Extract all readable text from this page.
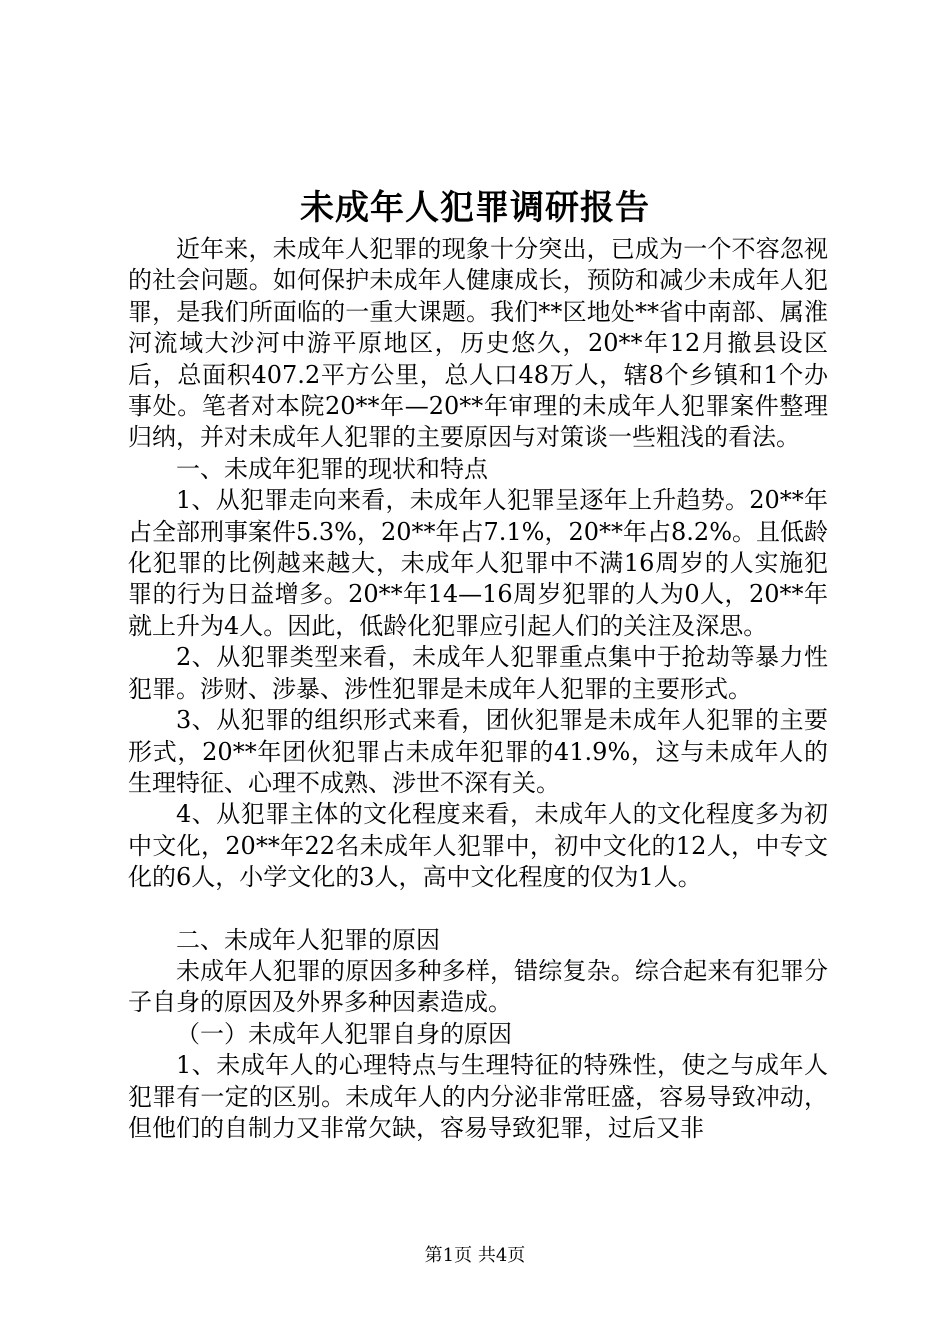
未成年人犯罪调研报告

近年来，未成年人犯罪的现象十分突出，已成为一个不容忽视的社会问题。如何保护未成年人健康成长，预防和减少未成年人犯罪，是我们所面临的一重大课题。我们**区地处**省中南部、属淮河流域大沙河中游平原地区，历史悠久，20**年12月撤县设区后，总面积407.2平方公里，总人口48万人，辖8个乡镇和1个办事处。笔者对本院20**年—20**年审理的未成年人犯罪案件整理归纳，并对未成年人犯罪的主要原因与对策谈一些粗浅的看法。

一、未成年犯罪的现状和特点

1、从犯罪走向来看，未成年人犯罪呈逐年上升趋势。20**年占全部刑事案件5.3%，20**年占7.1%，20**年占8.2%。且低龄化犯罪的比例越来越大，未成年人犯罪中不满16周岁的人实施犯罪的行为日益增多。20**年14—16周岁犯罪的人为0人，20**年就上升为4人。因此，低龄化犯罪应引起人们的关注及深思。

2、从犯罪类型来看，未成年人犯罪重点集中于抢劫等暴力性犯罪。涉财、涉暴、涉性犯罪是未成年人犯罪的主要形式。

3、从犯罪的组织形式来看，团伙犯罪是未成年人犯罪的主要形式，20**年团伙犯罪占未成年犯罪的41.9%，这与未成年人的生理特征、心理不成熟、涉世不深有关。

4、从犯罪主体的文化程度来看，未成年人的文化程度多为初中文化，20**年22名未成年人犯罪中，初中文化的12人，中专文化的6人，小学文化的3人，高中文化程度的仅为1人。

二、未成年人犯罪的原因

未成年人犯罪的原因多种多样，错综复杂。综合起来有犯罪分子自身的原因及外界多种因素造成。

（一）未成年人犯罪自身的原因

1、未成年人的心理特点与生理特征的特殊性，使之与成年人犯罪有一定的区别。未成年人的内分泌非常旺盛，容易导致冲动，但他们的自制力又非常欠缺，容易导致犯罪，过后又非

第1页 共4页
